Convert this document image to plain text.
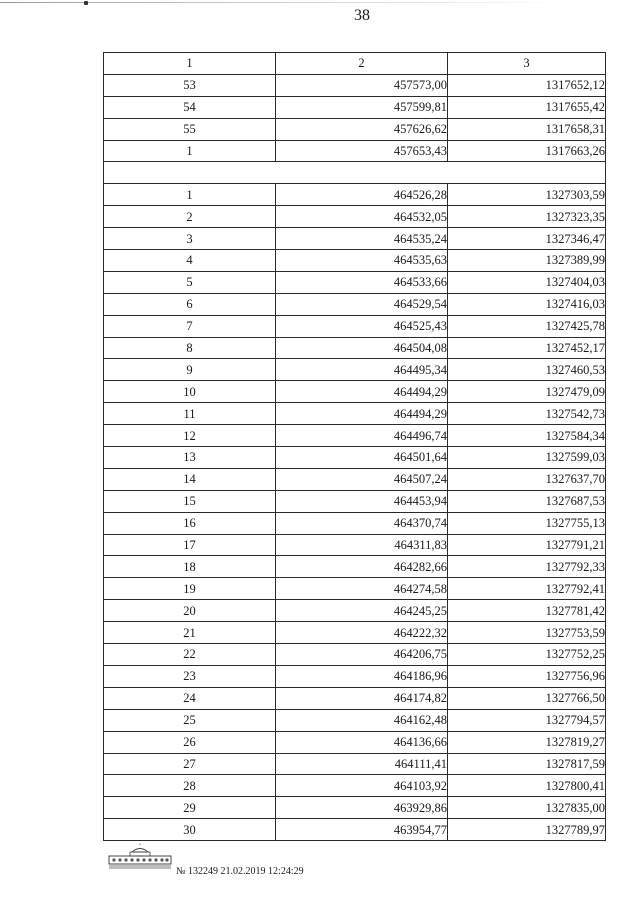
38
1	2	3
53	457573,00	1317652,12
54	457599,81	1317655,42
55	457626,62	1317658,31
1	457653,43	1317663,26

1	464526,28	1327303,59
2	464532,05	1327323,35
3	464535,24	1327346,47
4	464535,63	1327389,99
5	464533,66	1327404,03
6	464529,54	1327416,03
7	464525,43	1327425,78
8	464504,08	1327452,17
9	464495,34	1327460,53
10	464494,29	1327479,09
11	464494,29	1327542,73
12	464496,74	1327584,34
13	464501,64	1327599,03
14	464507,24	1327637,70
15	464453,94	1327687,53
16	464370,74	1327755,13
17	464311,83	1327791,21
18	464282,66	1327792,33
19	464274,58	1327792,41
20	464245,25	1327781,42
21	464222,32	1327753,59
22	464206,75	1327752,25
23	464186,96	1327756,96
24	464174,82	1327766,50
25	464162,48	1327794,57
26	464136,66	1327819,27
27	464111,41	1327817,59
28	464103,92	1327800,41
29	463929,86	1327835,00
30	463954,77	1327789,97
№ 132249 21.02.2019 12:24:29
